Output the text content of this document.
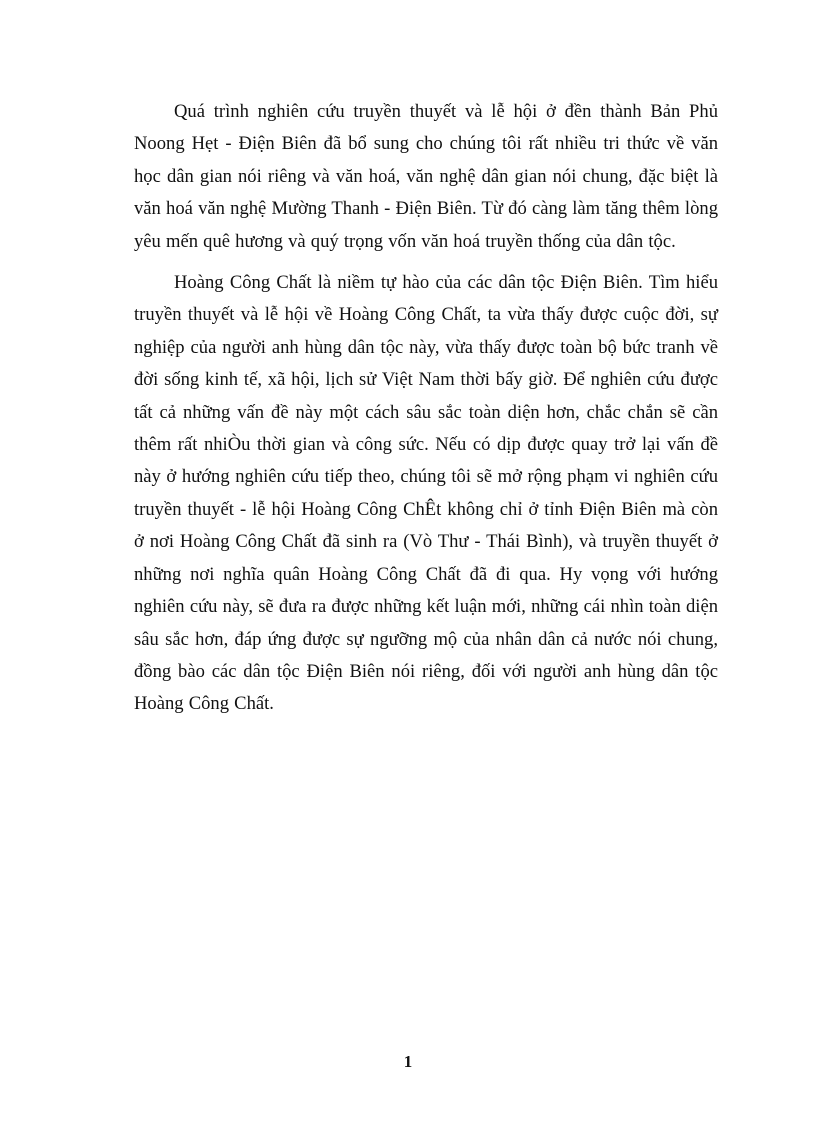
Quá trình nghiên cứu truyền thuyết và lễ hội ở đền thành Bản Phủ Noong Hẹt - Điện Biên đã bổ sung cho chúng tôi rất nhiều tri thức về văn học dân gian nói riêng và văn hoá, văn nghệ dân gian nói chung, đặc biệt là văn hoá văn nghệ Mường Thanh - Điện Biên. Từ đó càng làm tăng thêm lòng yêu mến quê hương và quý trọng vốn văn hoá truyền thống của dân tộc.

Hoàng Công Chất là niềm tự hào của các dân tộc Điện Biên. Tìm hiểu truyền thuyết và lễ hội về Hoàng Công Chất, ta vừa thấy được cuộc đời, sự nghiệp của người anh hùng dân tộc này, vừa thấy được toàn bộ bức tranh về đời sống kinh tế, xã hội, lịch sử Việt Nam thời bấy giờ. Để nghiên cứu được tất cả những vấn đề này một cách sâu sắc toàn diện hơn, chắc chắn sẽ cần thêm rất nhiÒu thời gian và công sức. Nếu có dịp được quay trở lại vấn đề này ở hướng nghiên cứu tiếp theo, chúng tôi sẽ mở rộng phạm vi nghiên cứu truyền thuyết - lễ hội Hoàng Công ChÊt không chỉ ở tỉnh Điện Biên mà còn ở nơi Hoàng Công Chất đã sinh ra (Vò Thư - Thái Bình), và truyền thuyết ở những nơi nghĩa quân Hoàng Công Chất đã đi qua. Hy vọng với hướng nghiên cứu này, sẽ đưa ra được những kết luận mới, những cái nhìn toàn diện sâu sắc hơn, đáp ứng được sự ngưỡng mộ của nhân dân cả nước nói chung, đồng bào các dân tộc Điện Biên nói riêng, đối với người anh hùng dân tộc Hoàng Công Chất.

1
